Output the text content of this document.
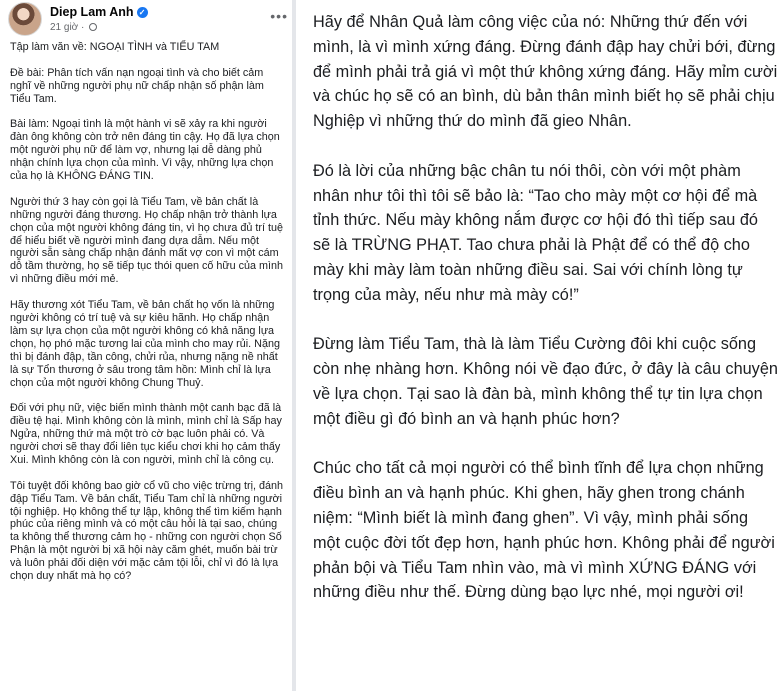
Diep Lam Anh ✓
21 giờ ·
•••

Tập làm văn về: NGOẠI TÌNH và TIỂU TAM

Đề bài: Phân tích vấn nạn ngoại tình và cho biết cảm nghĩ về những người phụ nữ chấp nhận số phận làm Tiểu Tam.

Bài làm: Ngoại tình là một hành vi sẽ xảy ra khi người đàn ông không còn trở nên đáng tin cậy. Họ đã lựa chọn một người phụ nữ để làm vợ, nhưng lại dễ dàng phủ nhận chính lựa chọn của mình. Vì vậy, những lựa chọn của họ là KHÔNG ĐÁNG TIN.

Người thứ 3 hay còn gọi là Tiểu Tam, về bản chất là những người đáng thương. Họ chấp nhận trở thành lựa chọn của một người không đáng tin, vì họ chưa đủ trí tuệ để hiểu biết về người mình đang dựa dẫm. Nếu một người sẵn sàng chấp nhận đánh mất vợ con vì một cám dỗ tầm thường, họ sẽ tiếp tục thói quen cố hữu của mình vì những điều mới mẻ.

Hãy thương xót Tiểu Tam, về bản chất họ vốn là những người không có trí tuệ và sự kiêu hãnh. Họ chấp nhận làm sự lựa chọn của một người không có khả năng lựa chọn, họ phó mặc tương lai của mình cho may rủi. Nặng thì bị đánh đập, tần công, chửi rủa, nhưng nặng nề nhất là sự Tổn thương ở sâu trong tâm hồn: Mình chỉ là lựa chọn của một người không Chung Thuỷ.

Đối với phụ nữ, việc biến mình thành một canh bạc đã là điều tệ hại. Mình không còn là mình, mình chỉ là Sấp hay Ngửa, những thứ mà một trò cờ bạc luôn phải có. Và người chơi sẽ thay đổi liên tục kiểu chơi khi họ cảm thấy Xui. Mình không còn là con người, mình chỉ là công cụ.

Tôi tuyệt đối không bao giờ cổ vũ cho việc trừng trị, đánh đập Tiểu Tam. Về bản chất, Tiểu Tam chỉ là những người tội nghiệp. Họ không thể tự lập, không thể tìm kiếm hạnh phúc của riêng mình và có một câu hỏi là tại sao, chúng ta không thể thương cảm họ - những con người chọn Số Phận là một người bị xã hội này căm ghét, muốn bài trừ và luôn phải đối diện với mặc cảm tội lỗi, chỉ vì đó là lựa chọn duy nhất mà họ có?

Hãy để Nhân Quả làm công việc của nó: Những thứ đến với mình, là vì mình xứng đáng. Đừng đánh đập hay chửi bới, đừng để mình phải trả giá vì một thứ không xứng đáng. Hãy mỉm cười và chúc họ sẽ có an bình, dù bản thân mình biết họ sẽ phải chịu Nghiệp vì những thứ do mình đã gieo Nhân.

Đó là lời của những bậc chân tu nói thôi, còn với một phàm nhân như tôi thì tôi sẽ bảo là: “Tao cho mày một cơ hội để mà tỉnh thức. Nếu mày không nắm được cơ hội đó thì tiếp sau đó sẽ là TRỪNG PHẠT. Tao chưa phải là Phật để có thể độ cho mày khi mày làm toàn những điều sai. Sai với chính lòng tự trọng của mày, nếu như mà mày có!”

Đừng làm Tiểu Tam, thà là làm Tiểu Cường đôi khi cuộc sống còn nhẹ nhàng hơn. Không nói về đạo đức, ở đây là câu chuyện về lựa chọn. Tại sao là đàn bà, mình không thể tự tin lựa chọn một điều gì đó bình an và hạnh phúc hơn?

Chúc cho tất cả mọi người có thể bình tĩnh để lựa chọn những điều bình an và hạnh phúc. Khi ghen, hãy ghen trong chánh niệm: “Mình biết là mình đang ghen”. Vì vậy, mình phải sống một cuộc đời tốt đẹp hơn, hạnh phúc hơn. Không phải để người phản bội và Tiểu Tam nhìn vào, mà vì mình XỨNG ĐÁNG với những điều như thế. Đừng dùng bạo lực nhé, mọi người ơi!
